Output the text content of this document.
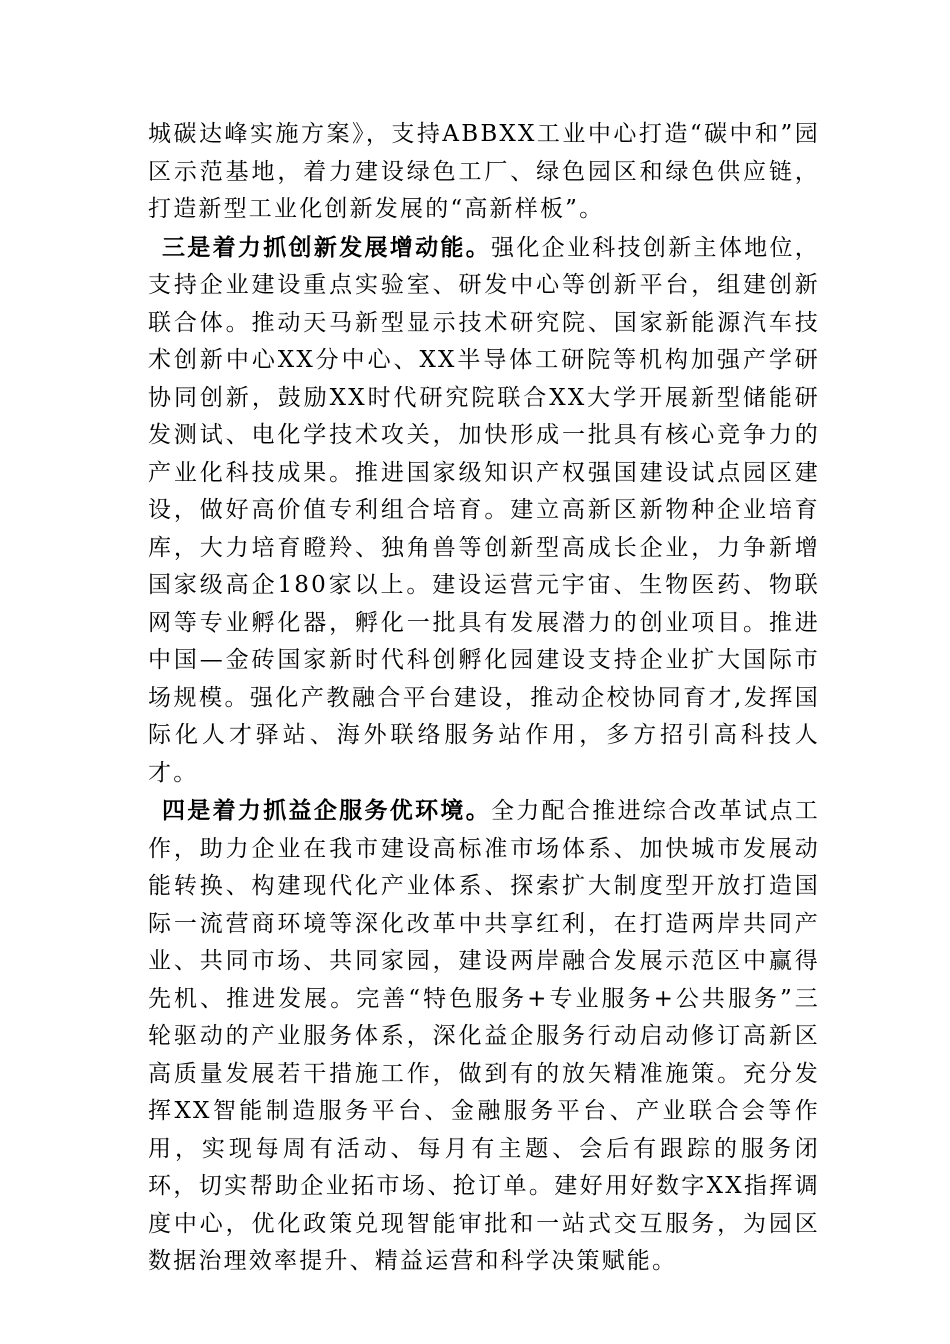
城碳达峰实施方案》，支持ABBXX工业中心打造“碳中和”园区示范基地，着力建设绿色工厂、绿色园区和绿色供应链，打造新型工业化创新发展的“高新样板”。

三是着力抓创新发展增动能。强化企业科技创新主体地位，支持企业建设重点实验室、研发中心等创新平台，组建创新联合体。推动天马新型显示技术研究院、国家新能源汽车技术创新中心XX分中心、XX半导体工研院等机构加强产学研协同创新，鼓励XX时代研究院联合XX大学开展新型储能研发测试、电化学技术攻关，加快形成一批具有核心竞争力的产业化科技成果。推进国家级知识产权强国建设试点园区建设，做好高价值专利组合培育。建立高新区新物种企业培育库，大力培育瞪羚、独角兽等创新型高成长企业，力争新增国家级高企180家以上。建设运营元宇宙、生物医药、物联网等专业孵化器，孵化一批具有发展潜力的创业项目。推进中国—金砖国家新时代科创孵化园建设支持企业扩大国际市场规模。强化产教融合平台建设，推动企校协同育才,发挥国际化人才驿站、海外联络服务站作用，多方招引高科技人才。

四是着力抓益企服务优环境。全力配合推进综合改革试点工作，助力企业在我市建设高标准市场体系、加快城市发展动能转换、构建现代化产业体系、探索扩大制度型开放打造国际一流营商环境等深化改革中共享红利，在打造两岸共同产业、共同市场、共同家园，建设两岸融合发展示范区中赢得先机、推进发展。完善“特色服务+专业服务+公共服务”三轮驱动的产业服务体系，深化益企服务行动启动修订高新区高质量发展若干措施工作，做到有的放矢精准施策。充分发挥XX智能制造服务平台、金融服务平台、产业联合会等作用，实现每周有活动、每月有主题、会后有跟踪的服务闭环，切实帮助企业拓市场、抢订单。建好用好数字XX指挥调度中心，优化政策兑现智能审批和一站式交互服务，为园区数据治理效率提升、精益运营和科学决策赋能。
